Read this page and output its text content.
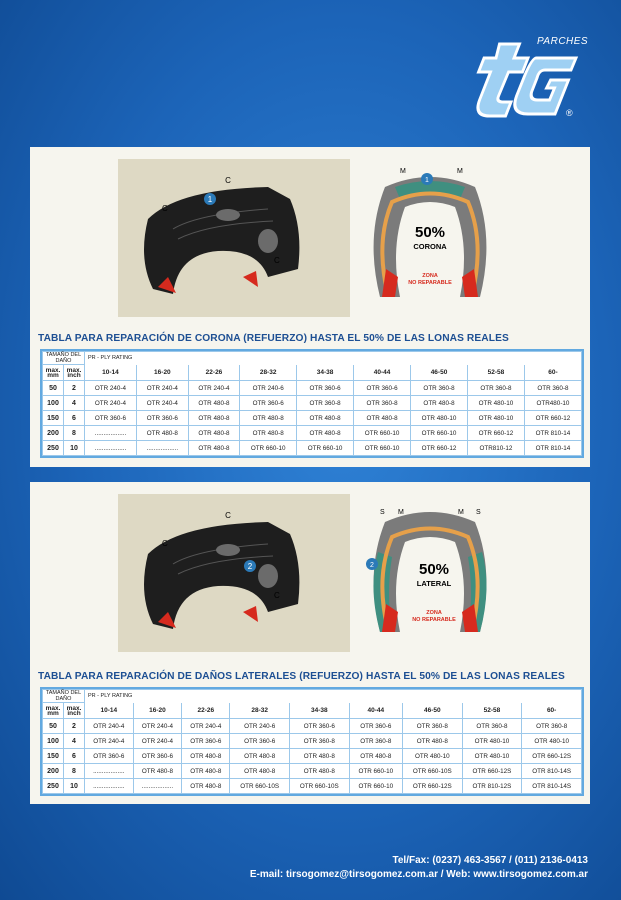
PARCHES
®
1
C
C
C
M	M
1
50%
CORONA
ZONA
NO REPARABLE
TABLA PARA REPARACIÓN DE CORONA (REFUERZO) HASTA EL 50% DE LAS LONAS REALES
TAMAÑO DEL DAÑO		PR - PLY RATING								
max. mm	max. inch	10-14	16-20	22-26	28-32	34-38	40-44	46-50	52-58	60-
50	2	OTR 240-4	OTR 240-4	OTR 240-4	OTR 240-6	OTR 360-6	OTR 360-6	OTR 360-8	OTR 360-8	OTR 360-8
100	4	OTR 240-4	OTR 240-4	OTR 480-8	OTR 360-6	OTR 360-8	OTR 360-8	OTR 480-8	OTR 480-10	OTR480-10
150	6	OTR 360-6	OTR 360-6	OTR 480-8	OTR 480-8	OTR 480-8	OTR 480-8	OTR 480-10	OTR 480-10	OTR 660-12
200	8	..................	OTR 480-8	OTR 480-8	OTR 480-8	OTR 480-8	OTR 660-10	OTR 660-10	OTR 660-12	OTR 810-14
250	10	..................	..................	OTR 480-8	OTR 660-10	OTR 660-10	OTR 660-10	OTR 660-12	OTR810-12	OTR 810-14
2
C
C
C
S M	M S
2	50%
LATERAL
ZONA
NO REPARABLE
TABLA PARA REPARACIÓN DE DAÑOS LATERALES (REFUERZO) HASTA EL 50% DE LAS LONAS REALES
TAMAÑO DEL DAÑO		PR - PLY RATING								
max. mm	max. inch	10-14	16-20	22-26	28-32	34-38	40-44	46-50	52-58	60-
50	2	OTR 240-4	OTR 240-4	OTR 240-4	OTR 240-6	OTR 360-6	OTR 360-6	OTR 360-8	OTR 360-8	OTR 360-8
100	4	OTR 240-4	OTR 240-4	OTR 360-6	OTR 360-6	OTR 360-8	OTR 360-8	OTR 480-8	OTR 480-10	OTR 480-10
150	6	OTR 360-6	OTR 360-6	OTR 480-8	OTR 480-8	OTR 480-8	OTR 480-8	OTR 480-10	OTR 480-10	OTR 660-12S
200	8	..................	OTR 480-8	OTR 480-8	OTR 480-8	OTR 480-8	OTR 660-10	OTR 660-10S	OTR 660-12S	OTR 810-14S
250	10	..................	..................	OTR 480-8	OTR 660-10S	OTR 660-10S	OTR 660-10	OTR 660-12S	OTR 810-12S	OTR 810-14S
Tel/Fax: (0237) 463-3567 / (011) 2136-0413
E-mail: tirsogomez@tirsogomez.com.ar / Web: www.tirsogomez.com.ar
